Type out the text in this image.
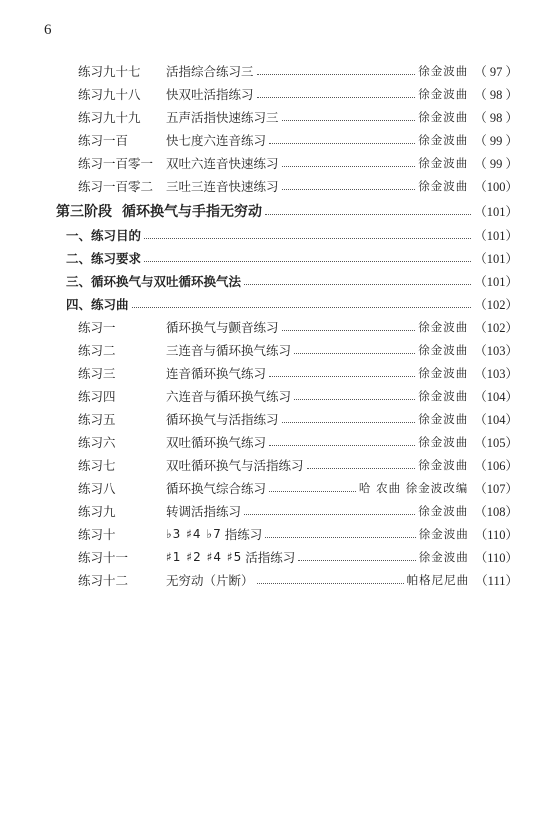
6
练习九十七	活指综合练习三	徐金波曲 （ 97 ）
练习九十八	快双吐活指练习	徐金波曲 （ 98 ）
练习九十九	五声活指快速练习三	徐金波曲 （ 98 ）
练习一百	快七度六连音练习	徐金波曲 （ 99 ）
练习一百零一	双吐六连音快速练习	徐金波曲 （ 99 ）
练习一百零二	三吐三连音快速练习	徐金波曲 （100）
第三阶段 循环换气与手指无穷动	（101）
一、练习目的	（101）
二、练习要求	（101）
三、循环换气与双吐循环换气法	（101）
四、练习曲	（102）
练习一	循环换气与颤音练习	徐金波曲 （102）
练习二	三连音与循环换气练习	徐金波曲 （103）
练习三	连音循环换气练习	徐金波曲 （103）
练习四	六连音与循环换气练习	徐金波曲 （104）
练习五	循环换气与活指练习	徐金波曲 （104）
练习六	双吐循环换气练习	徐金波曲 （105）
练习七	双吐循环换气与活指练习	徐金波曲 （106）
练习八	循环换气综合练习	哈 农曲 徐金波改编 （107）
练习九	转调活指练习	徐金波曲 （108）
练习十	♭3 ♯4 ♭7 指练习	徐金波曲 （110）
练习十一	♯1 ♯2 ♯4 ♯5 活指练习	徐金波曲 （110）
练习十二	无穷动（片断）	帕格尼尼曲 （111）
